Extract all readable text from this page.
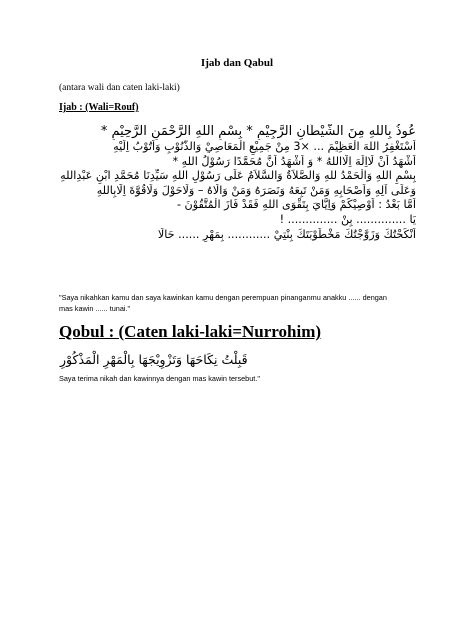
Ijab dan Qabul
(antara wali dan caten laki-laki)
Ijab : (Wali=Rouf)
عُوذُ بِاللهِ مِنَ الشَّيْطَانِ الرَّجِيْمِ * بِسْمِ اللهِ الرَّحْمَنِ الرَّحِيْمِ *
اَسْتَغْفِرُ اللهَ الْعَظِيْمَ ... ×3 مِنْ جَمِيْعِ الْمَعَاصِيْ وَالذُّنُوْبِ وَاَتُوْبُ اِلَيْهِ
اَشْهَدُ اَنْ لَااِلَهَ اِلَّااللهُ * وَ اَشْهَدُ اَنَّ مُحَمَّدًا رَسُوْلُ اللهِ *
بِسْمِ اللهِ وَالْحَمْدُ للهِ وَالصَّلاَةُ وَالسَّلاَمُ عَلَى رَسُوْلِ اللهِ سَيِّدِنَا مُحَمَّدِ ابْنِ عَبْدِاللهِ
وَعَلَى آلِهِ وَاَصْحَابِهِ وَمَنْ تَبِعَهُ وَنَصَرَهُ وَمَنْ وَالَاهُ – وَلَاحَوْلَ وَلَاقُوَّةَ اِلَّابِاللهِ
اَمَّا بَعْدُ : اُوْصِيْكُمْ وَاِيَّايَ بِتَقْوَى اللهِ فَقَدْ فَازَ الْمُتَّقُوْنَ -
يَا .............. بِنْ .............. !
اَنْكَحْتُكَ وَزَوَّجْتُكَ مَخْطُوْبَتَكَ بِنْتِيْ ............ بِمَهْرِ ...... حَالًا
"Saya nikahkan kamu dan saya kawinkan kamu dengan perempuan pinanganmu anakku ...... dengan mas kawin ...... tunai."
Qobul : (Caten laki-laki=Nurrohim)
قَبِلْتُ نِكَاحَهَا وَتَزْوِيْجَهَا بِالْمَهْرِ الْمَذْكُوْرِ
Saya terima nikah dan kawinnya dengan mas kawin tersebut."
